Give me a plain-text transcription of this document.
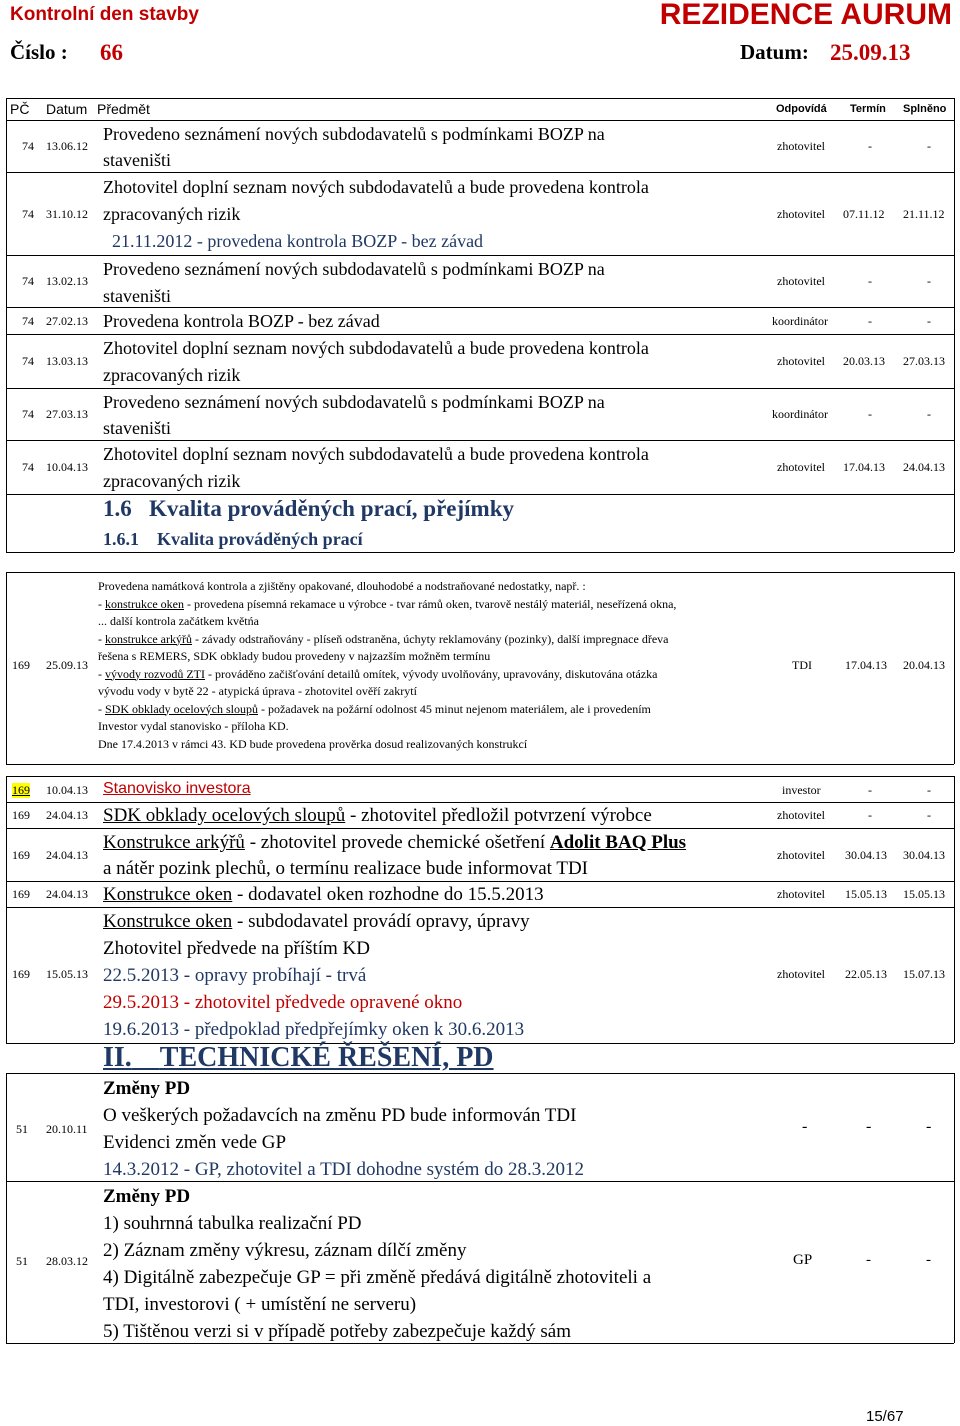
Kontrolní den stavby	REZIDENCE AURUM
Číslo : 66	Datum: 25.09.13
PČ Datum Předmět	Odpovídá Termín Splněno
74 13.06.12
Provedeno seznámení nových subdodavatelů s podmínkami BOZP na
staveništi
zhotovitel	-	-
74 31.10.12
Zhotovitel doplní seznam nových subdodavatelů a bude provedena kontrola
zpracovaných rizik
21.11.2012 - provedena kontrola BOZP - bez závad
zhotovitel 07.11.12 21.11.12
74 13.02.13
Provedeno seznámení nových subdodavatelů s podmínkami BOZP na
staveništi
zhotovitel	-	-
74 27.02.13 Provedena kontrola BOZP - bez závad	koordinátor	-	-
74 13.03.13
Zhotovitel doplní seznam nových subdodavatelů a bude provedena kontrola
zpracovaných rizik
zhotovitel 20.03.13 27.03.13
74 27.03.13
Provedeno seznámení nových subdodavatelů s podmínkami BOZP na
staveništi
koordinátor	-	-
74 10.04.13
Zhotovitel doplní seznam nových subdodavatelů a bude provedena kontrola
zpracovaných rizik
zhotovitel 17.04.13 24.04.13
1.6 Kvalita prováděných prací, přejímky
1.6.1 Kvalita prováděných prací
169 25.09.13
Provedena namátková kontrola a zjištěny opakované, dlouhodobé a nodstraňované nedostatky, např. :
- konstrukce oken - provedena písemná rekamace u výrobce - tvar rámů oken, tvarově nestálý materiál, neseřízená okna,
... další kontrola začátkem květńa
- konstrukce arkýřů - závady odstraňovány - plíseň odstraněna, úchyty reklamovány (pozinky), další impregnace dřeva
řešena s REMERS, SDK obklady budou provedeny v najzazším možněm termínu
- vývody rozvodů ZTI - prováděno začišťování detailů omítek, vývody uvolňovány, upravovány, diskutována otázka
vývodu vody v bytě 22 - atypická úprava - zhotovitel ověří zakrytí
- SDK obklady ocelových sloupů - požadavek na požární odolnost 45 minut nejenom materiálem, ale i provedením
Investor vydal stanovisko - příloha KD.
Dne 17.4.2013 v rámci 43. KD bude provedena prověrka dosud realizovaných konstrukcí
TDI	17.04.13 20.04.13
169 10.04.13 Stanovisko investora	investor	-	-
169 24.04.13 SDK obklady ocelových sloupů - zhotovitel předložil potvrzení výrobce	zhotovitel	-	-
169 24.04.13
Konstrukce arkýřů - zhotovitel provede chemické ošetření Adolit BAQ Plus
a nátěr pozink plechů, o termínu realizace bude informovat TDI
zhotovitel 30.04.13 30.04.13
169 24.04.13 Konstrukce oken - dodavatel oken rozhodne do 15.5.2013	zhotovitel 15.05.13 15.05.13
169 15.05.13
Konstrukce oken - subdodavatel provádí opravy, úpravy
Zhotovitel předvede na příštím KD
22.5.2013 - opravy probíhají - trvá
29.5.2013 - zhotovitel předvede opravené okno
19.6.2013 - předpoklad předpřejímky oken k 30.6.2013
zhotovitel 22.05.13 15.07.13
II. TECHNICKÉ ŘEŠENÍ, PD
51 20.10.11
Změny PD
O veškerých požadavcích na změnu PD bude informován TDI
Evidenci změn vede GP
14.3.2012 - GP, zhotovitel a TDI dohodne systém do 28.3.2012
-	-	-
51 28.03.12
Změny PD
1) souhrnná tabulka realizační PD
2) Záznam změny výkresu, záznam dílčí změny
4) Digitálně zabezpečuje GP = při změně předává digitálně zhotoviteli a
TDI, investorovi ( + umístění ne serveru)
5) Tištěnou verzi si v případě potřeby zabezpečuje každý sám
GP	-	-
15/67
